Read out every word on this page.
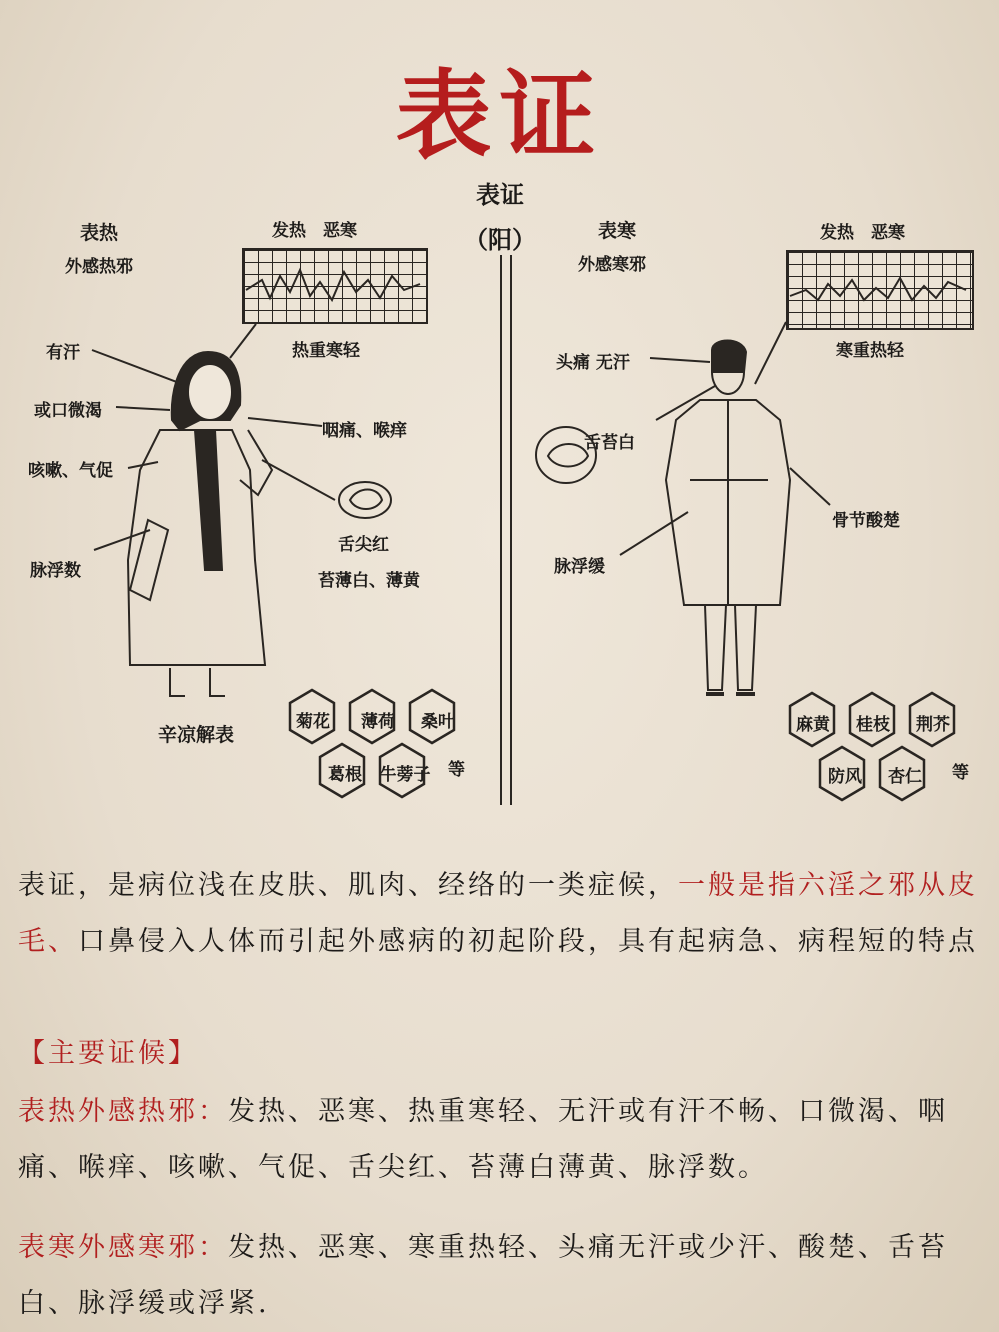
表证
表证
（阳）
表热
外感热邪
发热　恶寒
热重寒轻
有汗
或口微渴
咳嗽、气促
咽痛、喉痒
舌尖红
苔薄白、薄黄
脉浮数
辛凉解表
菊花	薄荷	桑叶
葛根	牛蒡子 等
表寒
外感寒邪
发热　恶寒
寒重热轻
头痛 无汗
舌苔白
骨节酸楚
脉浮缓
麻黄	桂枝	荆芥
防风	杏仁	等
表证，是病位浅在皮肤、肌肉、经络的一类症候，一般是指六淫之邪从皮毛、口鼻侵入人体而引起外感病的初起阶段，具有起病急、病程短的特点
【主要证候】
表热外感热邪：发热、恶寒、热重寒轻、无汗或有汗不畅、口微渴、咽痛、喉痒、咳嗽、气促、舌尖红、苔薄白薄黄、脉浮数。
表寒外感寒邪：发热、恶寒、寒重热轻、头痛无汗或少汗、酸楚、舌苔白、脉浮缓或浮紧.
